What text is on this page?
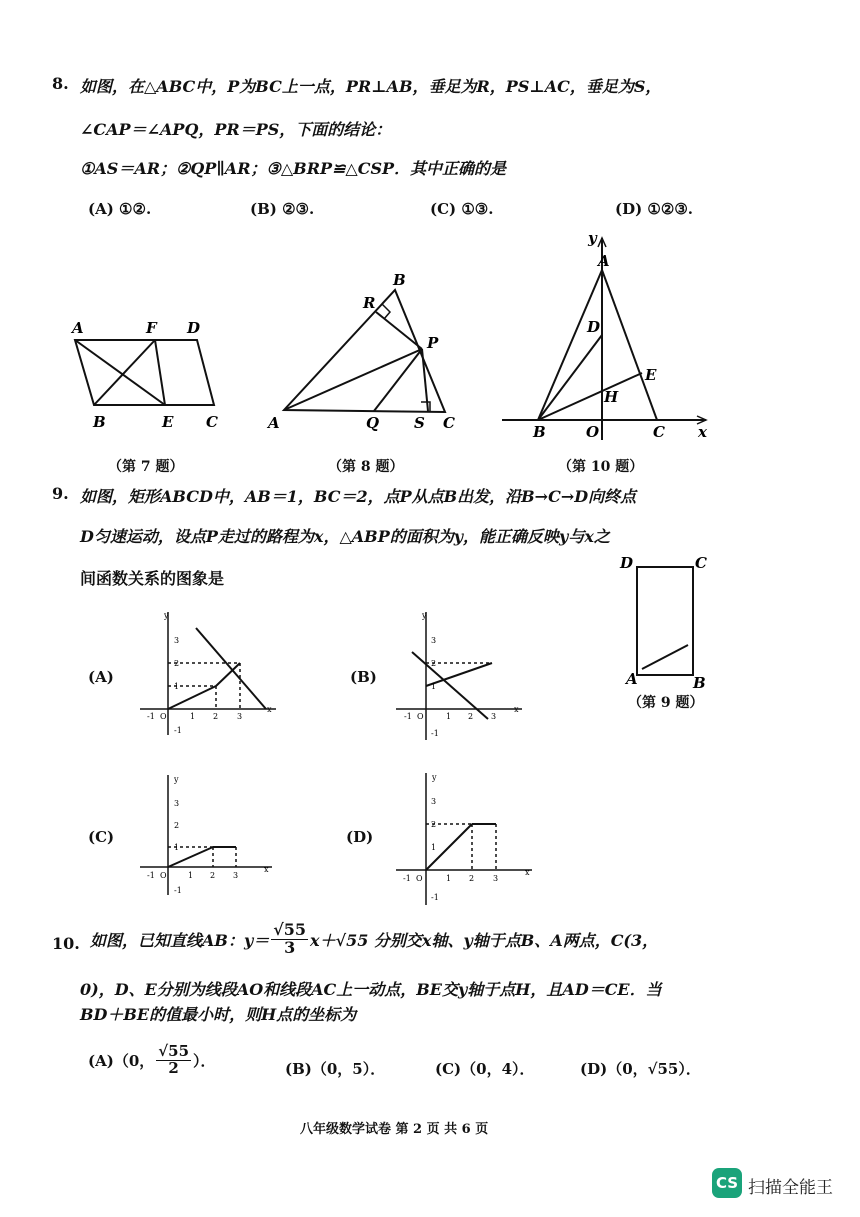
8. 如图，在△ABC中，P为BC上一点，PR⊥AB，垂足为R，PS⊥AC，垂足为S，
∠CAP＝∠APQ，PR＝PS，下面的结论：
①AS＝AR；②QP∥AR；③△BRP≌△CSP．其中正确的是
(A) ①②.	(B) ②③.	(C) ①③.	(D) ①②③.
A	F D
B	E C
B
R
P
A	Q S C
y
A
D
E
H
B	O	C x
（第 7 题）	（第 8 题）	（第 10 题）
9. 如图，矩形ABCD中，AB＝1，BC＝2，点P从点B出发，沿B→C→D向终点
D匀速运动，设点P走过的路程为x，△ABP的面积为y，能正确反映y与x之
间函数关系的图象是
D	C
A	B
（第 9 题）
(A)	(B)
(C)	(D)
y
3
2
1
-1
-1 O	1 2 3
x
y
3
2
1
-1
-1 O	1 2 3
x
y
3
2
1
-1
-1 O	1 2 3
x
y
3
2
1
-1
-1 O	1 2 3
x
10. 如图，已知直线AB：$y= \frac{√55}{3} x+√55$ 分别交x轴、y轴于点B、A两点，C(3，
0)，D、E分别为线段AO和线段AC上一动点，BE交y轴于点H，且AD＝CE．当
BD＋BE的值最小时，则H点的坐标为
(A)（0， $\frac{√55}{2}$ ）．	(B)（0，5）．	(C)（0，4）．	(D)（0，√55）．
八年级数学试卷 第 2 页 共 6 页
CS 扫描全能王
